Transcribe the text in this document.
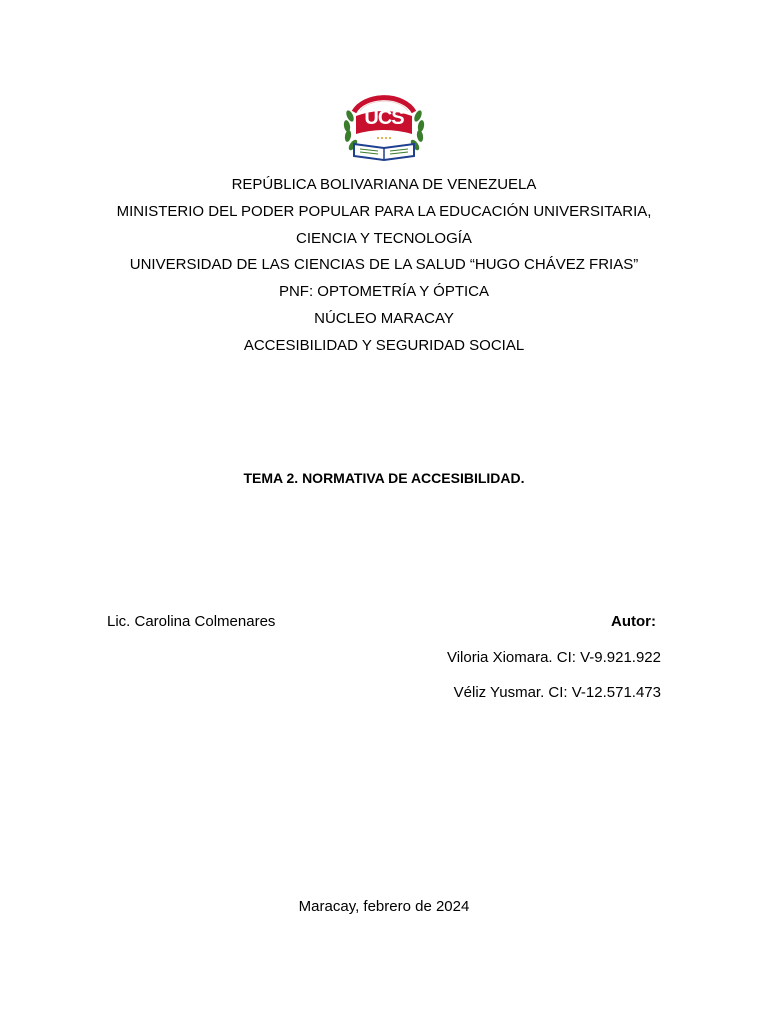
UCS
REPÚBLICA BOLIVARIANA DE VENEZUELA
MINISTERIO DEL PODER POPULAR PARA LA EDUCACIÓN UNIVERSITARIA,
CIENCIA Y TECNOLOGÍA
UNIVERSIDAD DE LAS CIENCIAS DE LA SALUD “HUGO CHÁVEZ FRIAS”
PNF: OPTOMETRÍA Y ÓPTICA
NÚCLEO MARACAY
ACCESIBILIDAD Y SEGURIDAD SOCIAL
TEMA 2. NORMATIVA DE ACCESIBILIDAD.
Lic. Carolina Colmenares	Autor:
Viloria Xiomara. CI: V-9.921.922
Véliz Yusmar. CI: V-12.571.473
Maracay, febrero de 2024
